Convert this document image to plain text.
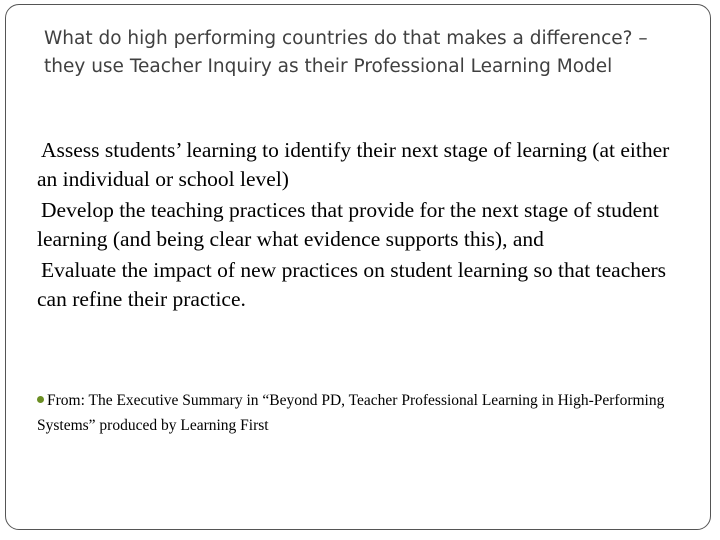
What do high performing countries do that makes a difference? – they use Teacher Inquiry as their Professional Learning Model

Assess students’ learning to identify their next stage of learning (at either an individual or school level)

Develop the teaching practices that provide for the next stage of student learning (and being clear what evidence supports this), and

Evaluate the impact of new practices on student learning so that teachers can refine their practice.

From: The Executive Summary in “Beyond PD, Teacher Professional Learning in High-Performing Systems” produced by Learning First
